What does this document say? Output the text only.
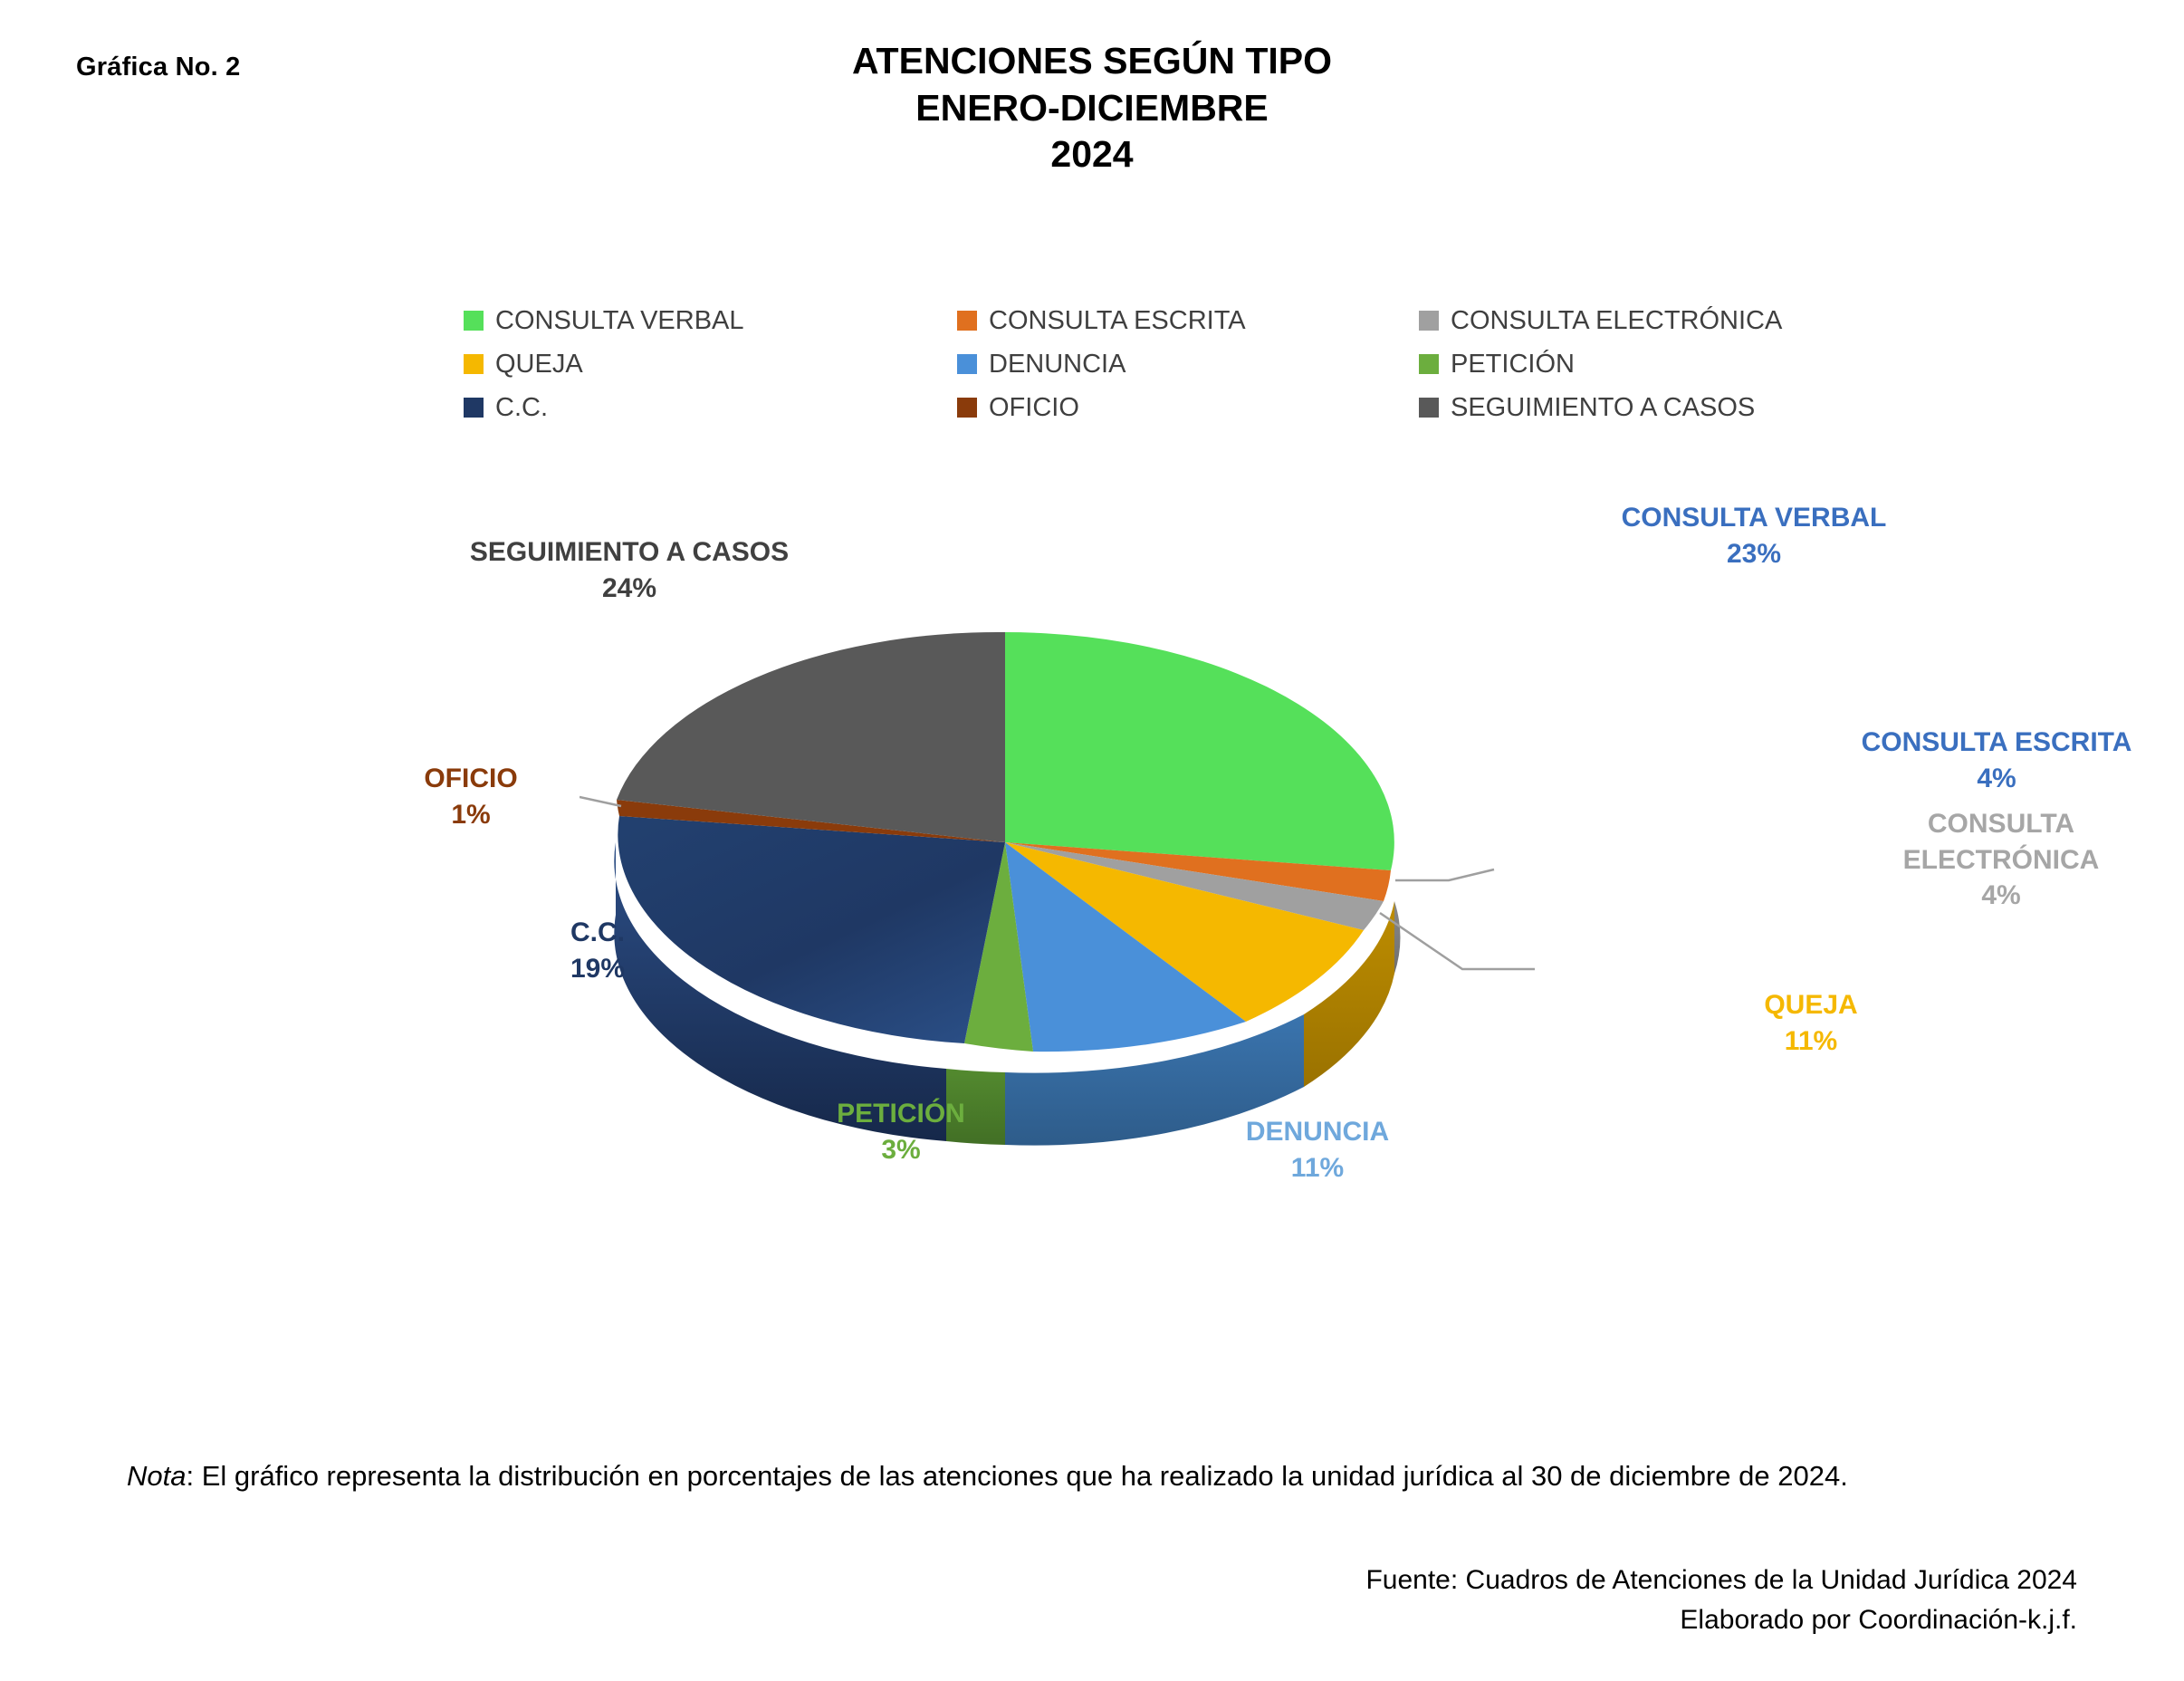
Gráfica No. 2	ATENCIONES SEGÚN TIPO
ENERO-DICIEMBRE
2024
CONSULTA VERBAL	CONSULTA ESCRITA	CONSULTA ELECTRÓNICA
QUEJA	DENUNCIA	PETICIÓN
C.C.	OFICIO	SEGUIMIENTO A CASOS
CONSULTA VERBAL
23%
CONSULTA ESCRITA
4%
CONSULTA
ELECTRÓNICA
4%
QUEJA
11%
DENUNCIA
11%
PETICIÓN
3%
C.C.
19%
OFICIO
1%
SEGUIMIENTO A CASOS
24%
Nota: El gráfico representa la distribución en porcentajes de las atenciones que ha realizado la unidad jurídica al 30 de diciembre de 2024.
Fuente: Cuadros de Atenciones de la Unidad Jurídica 2024
Elaborado por Coordinación-k.j.f.
